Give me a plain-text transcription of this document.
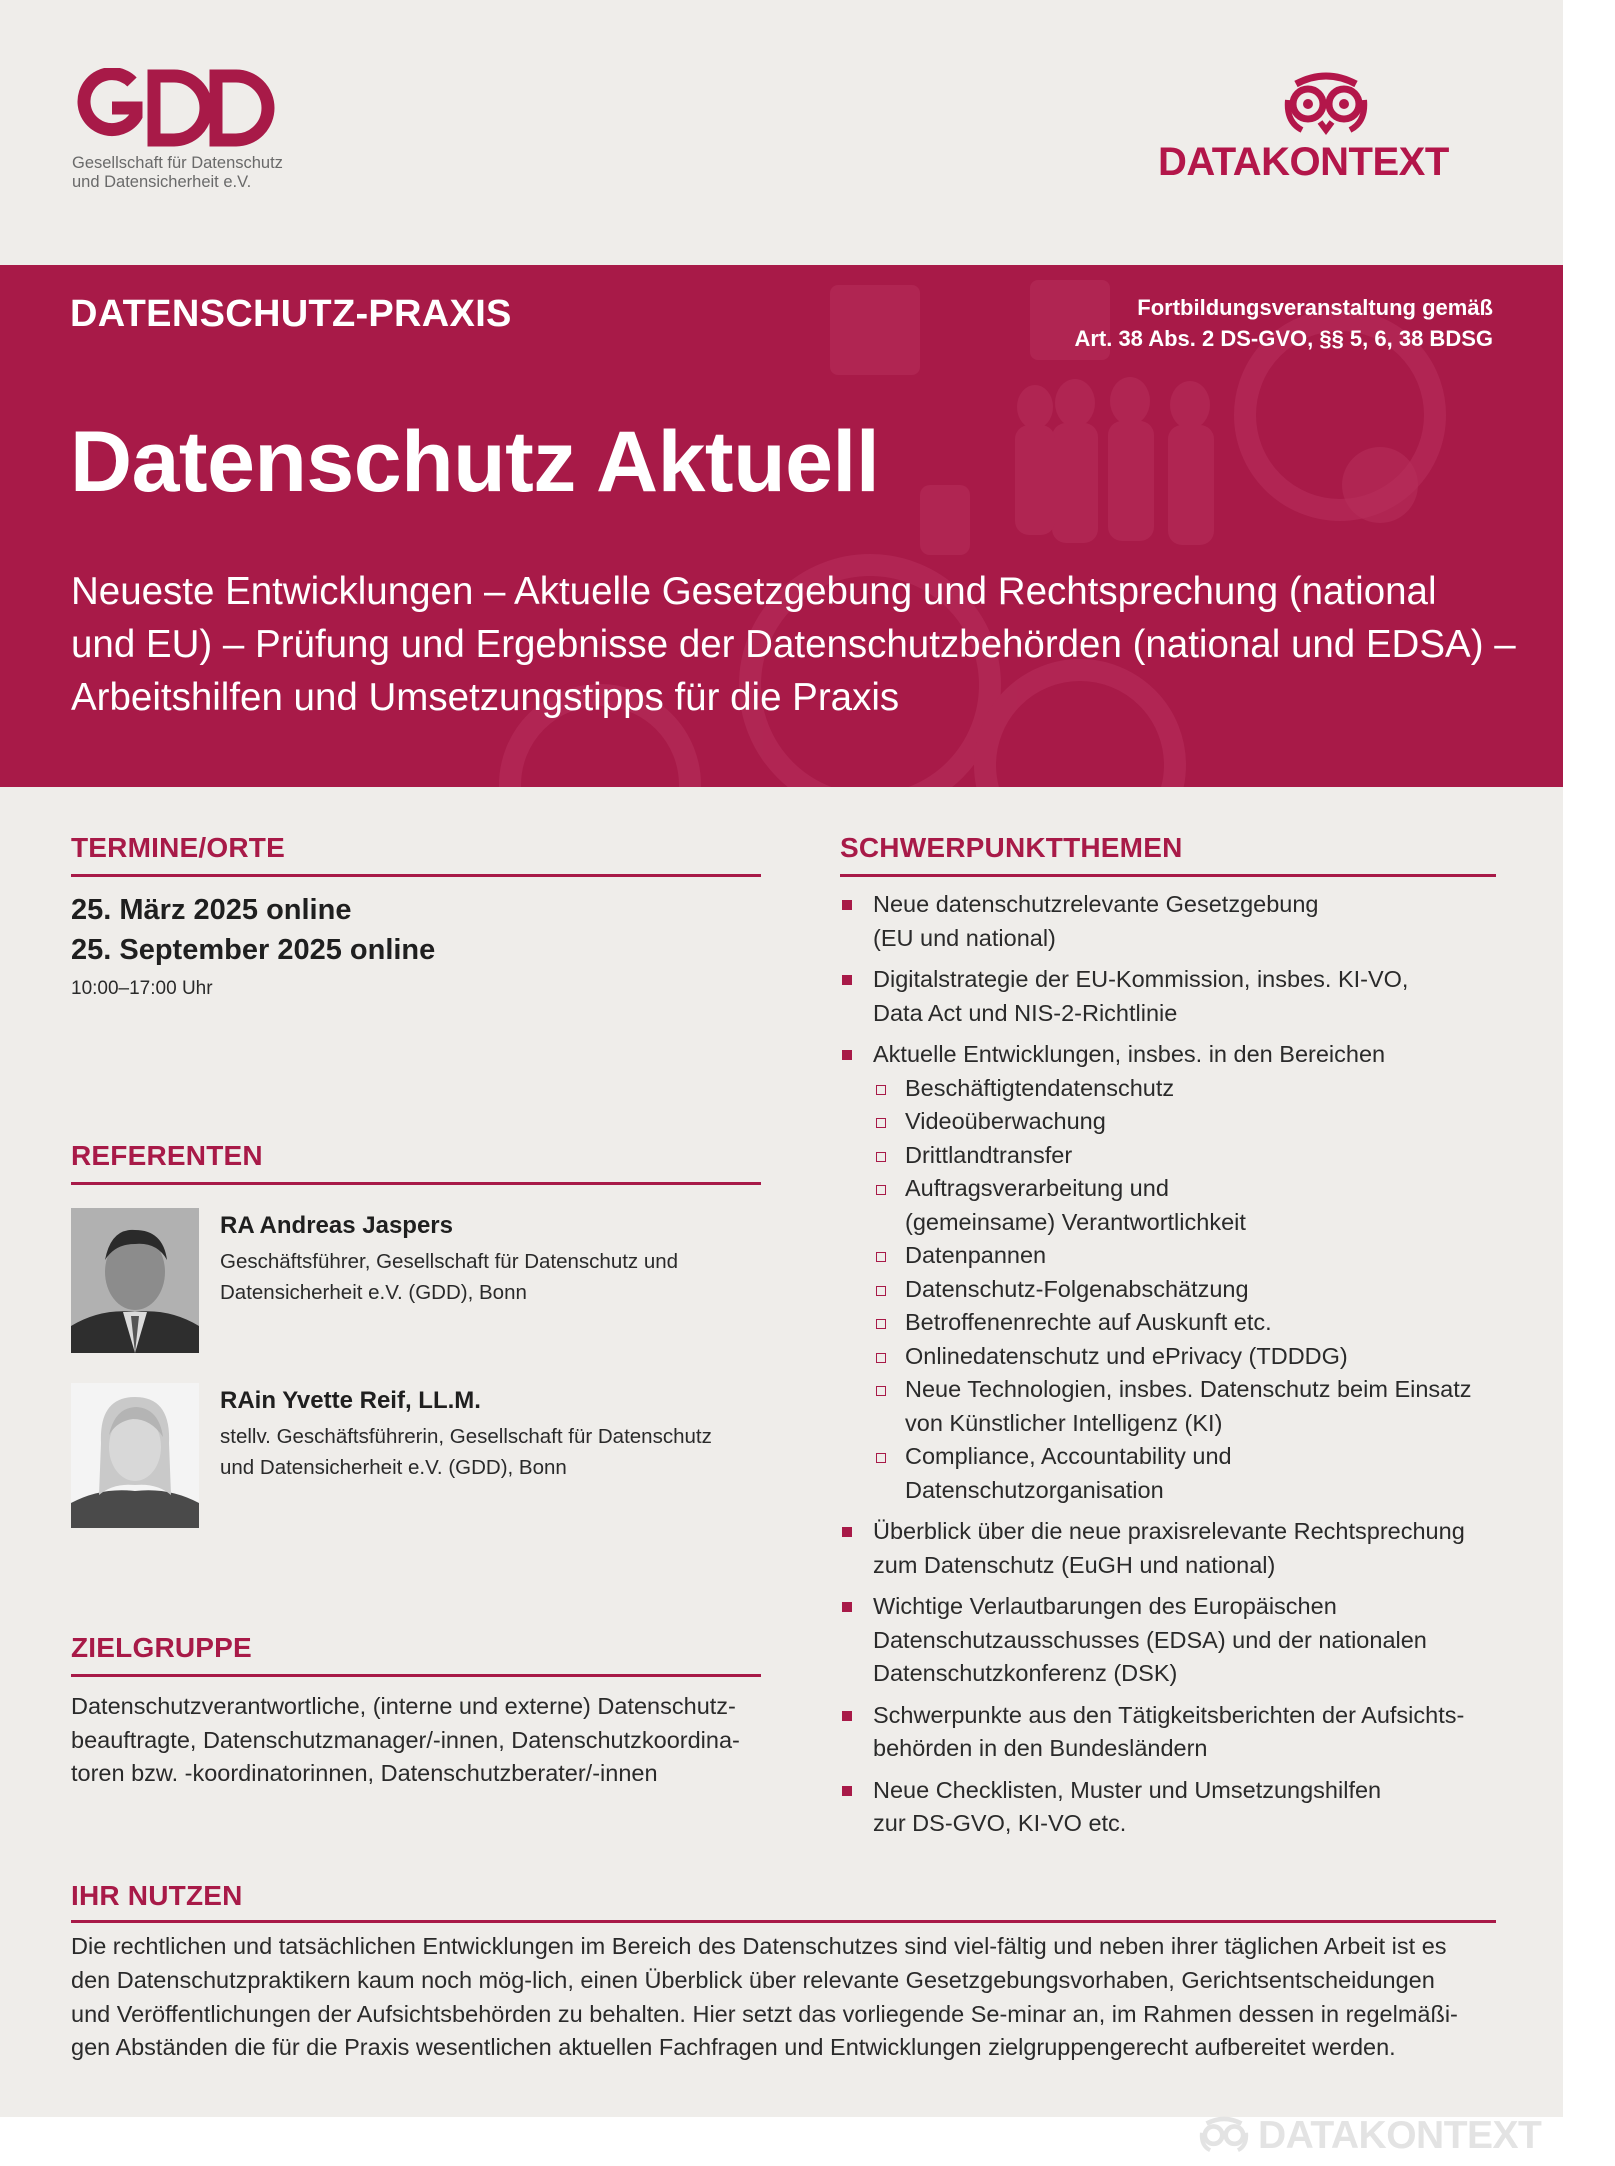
Gesellschaft für Datenschutz
und Datensicherheit e.V.	DATAKONTEXT
DATENSCHUTZ-PRAXIS	Fortbildungsveranstaltung gemäß
Art. 38 Abs. 2 DS-GVO, §§ 5, 6, 38 BDSG
Datenschutz Aktuell
Neueste Entwicklungen – Aktuelle Gesetzgebung und Rechtsprechung (national
und EU) – Prüfung und Ergebnisse der Datenschutzbehörden (national und EDSA) –
Arbeitshilfen und Umsetzungstipps für die Praxis
TERMINE/ORTE
25. März 2025 online
25. September 2025 online
10:00–17:00 Uhr
REFERENTEN
RA Andreas Jaspers
Geschäftsführer, Gesellschaft für Datenschutz und
Datensicherheit e.V. (GDD), Bonn
RAin Yvette Reif, LL.M.
stellv. Geschäftsführerin, Gesellschaft für Datenschutz
und Datensicherheit e.V. (GDD), Bonn
ZIELGRUPPE
Datenschutzverantwortliche, (interne und externe) Datenschutz-
beauftragte, Datenschutzmanager/-innen, Datenschutzkoordina-
toren bzw. -koordinatorinnen, Datenschutzberater/-innen
SCHWERPUNKTTHEMEN
Neue datenschutzrelevante Gesetzgebung
(EU und national)
Digitalstrategie der EU-Kommission, insbes. KI-VO,
Data Act und NIS-2-Richtlinie
Aktuelle Entwicklungen, insbes. in den Bereichen
Beschäftigtendatenschutz
Videoüberwachung
Drittlandtransfer
Auftragsverarbeitung und
(gemeinsame) Verantwortlichkeit
Datenpannen
Datenschutz-Folgenabschätzung
Betroffenenrechte auf Auskunft etc.
Onlinedatenschutz und ePrivacy (TDDDG)
Neue Technologien, insbes. Datenschutz beim Einsatz
von Künstlicher Intelligenz (KI)
Compliance, Accountability und
Datenschutzorganisation
Überblick über die neue praxisrelevante Rechtsprechung
zum Datenschutz (EuGH und national)
Wichtige Verlautbarungen des Europäischen
Datenschutzausschusses (EDSA) und der nationalen
Datenschutzkonferenz (DSK)
Schwerpunkte aus den Tätigkeitsberichten der Aufsichts-
behörden in den Bundesländern
Neue Checklisten, Muster und Umsetzungshilfen
zur DS-GVO, KI-VO etc.
IHR NUTZEN
Die rechtlichen und tatsächlichen Entwicklungen im Bereich des Datenschutzes sind viel-fältig und neben ihrer täglichen Arbeit ist es
den Datenschutzpraktikern kaum noch mög-lich, einen Überblick über relevante Gesetzgebungsvorhaben, Gerichtsentscheidungen
und Veröffentlichungen der Aufsichtsbehörden zu behalten. Hier setzt das vorliegende Se-minar an, im Rahmen dessen in regelmäßi-
gen Abständen die für die Praxis wesentlichen aktuellen Fachfragen und Entwicklungen zielgruppengerecht aufbereitet werden.
DATAKONTEXT
